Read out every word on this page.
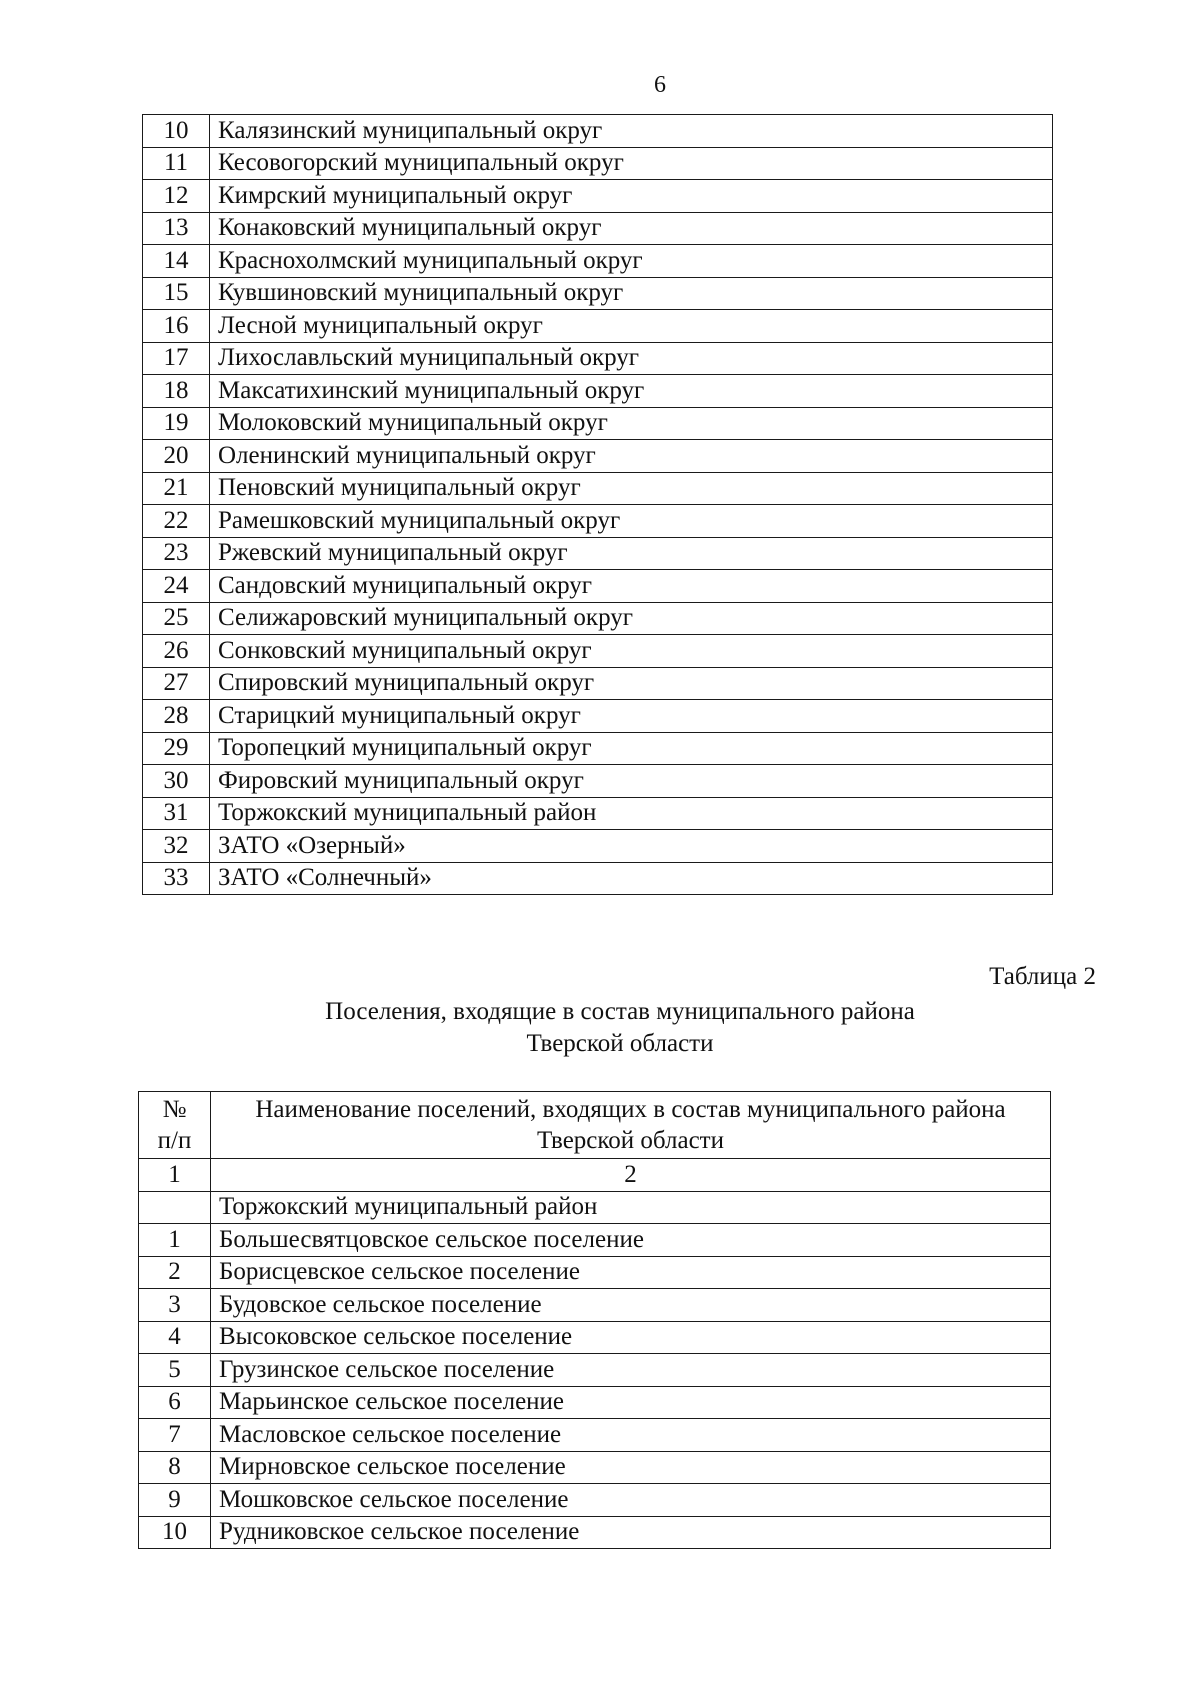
6
10	Калязинский муниципальный округ
11	Кесовогорский муниципальный округ
12	Кимрский муниципальный округ
13	Конаковский муниципальный округ
14	Краснохолмский муниципальный округ
15	Кувшиновский муниципальный округ
16	Лесной муниципальный округ
17	Лихославльский муниципальный округ
18	Максатихинский муниципальный округ
19	Молоковский муниципальный округ
20	Оленинский муниципальный округ
21	Пеновский муниципальный округ
22	Рамешковский муниципальный округ
23	Ржевский муниципальный округ
24	Сандовский муниципальный округ
25	Селижаровский муниципальный округ
26	Сонковский муниципальный округ
27	Спировский муниципальный округ
28	Старицкий муниципальный округ
29	Торопецкий муниципальный округ
30	Фировский муниципальный округ
31	Торжокский муниципальный район
32	ЗАТО «Озерный»
33	ЗАТО «Солнечный»
Таблица 2
Поселения, входящие в состав муниципального района
Тверской области
№
п/п	Наименование поселений, входящих в состав муниципального района Тверской области
1	2
	Торжокский муниципальный район
1	Большесвятцовское сельское поселение
2	Борисцевское сельское поселение
3	Будовское сельское поселение
4	Высоковское сельское поселение
5	Грузинское сельское поселение
6	Марьинское сельское поселение
7	Масловское сельское поселение
8	Мирновское сельское поселение
9	Мошковское сельское поселение
10	Рудниковское сельское поселение
